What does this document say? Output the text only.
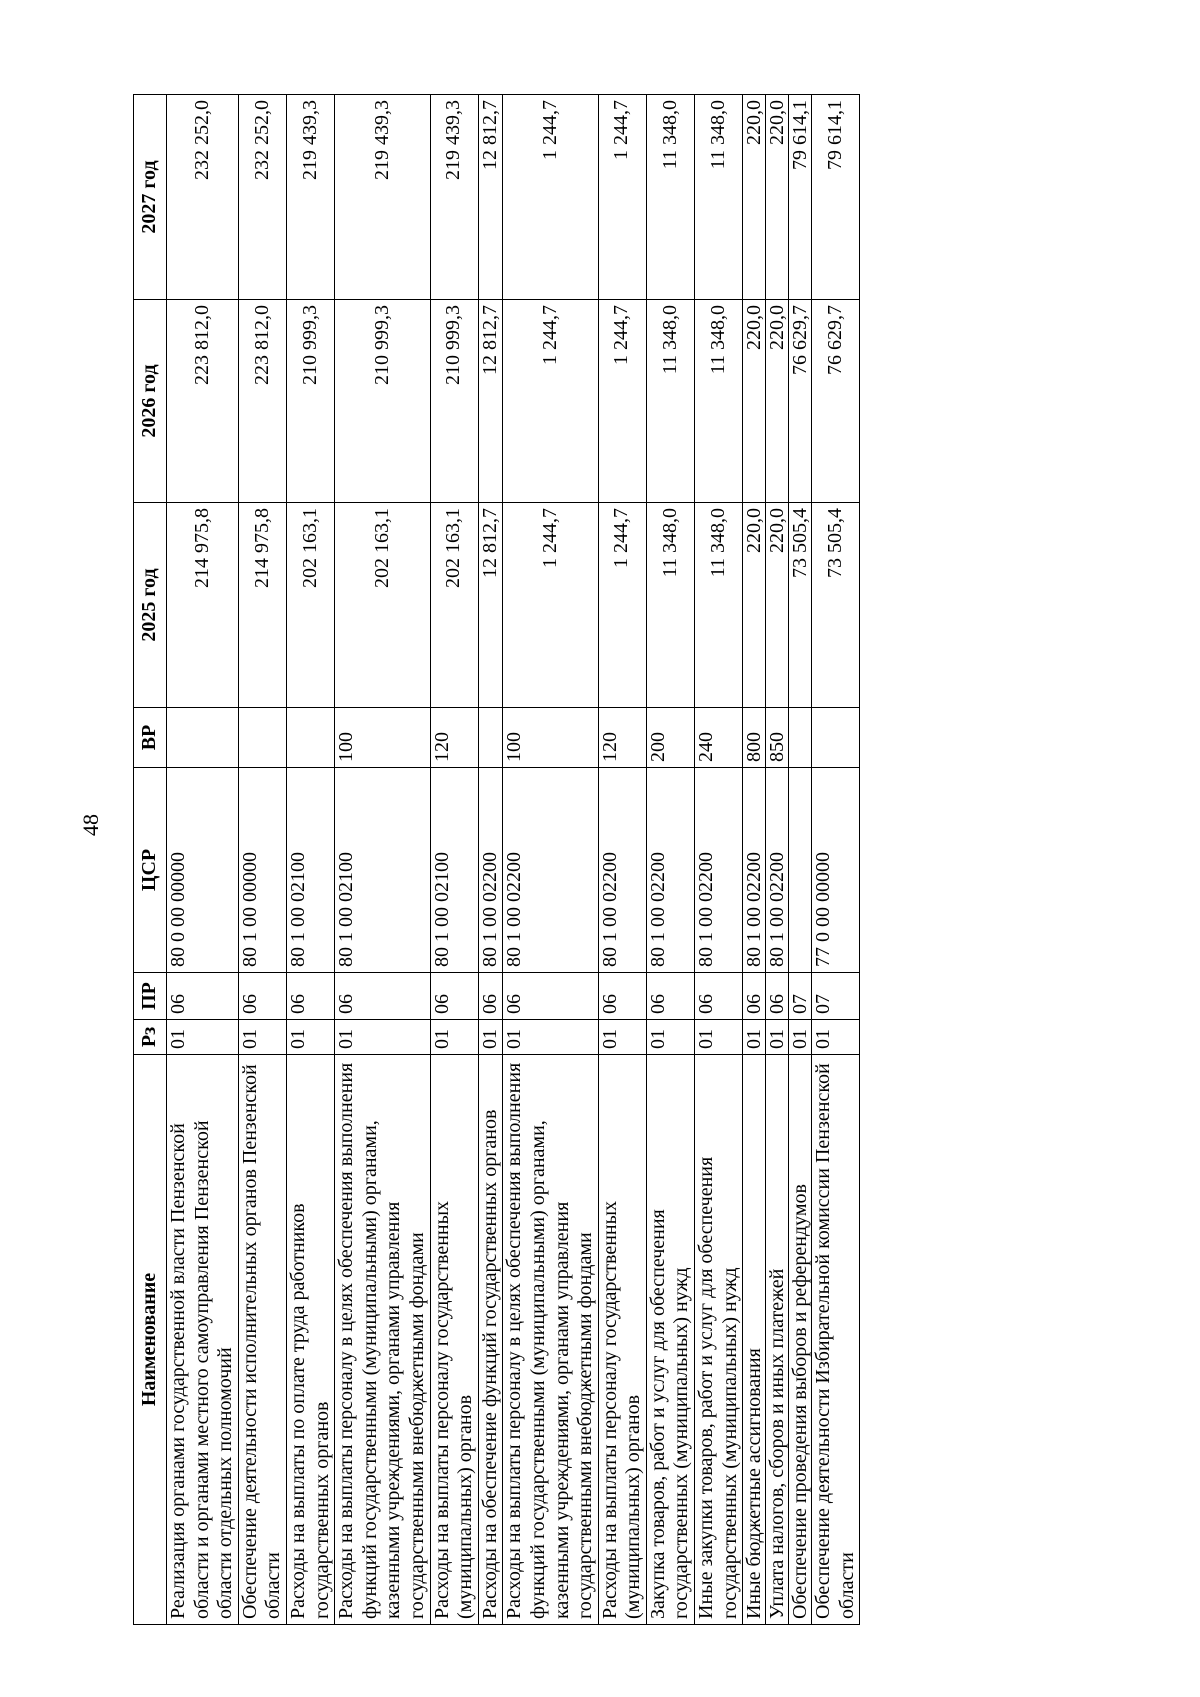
48
Наименование	Рз	ПР	ЦСР	ВР	2025 год	2026 год	2027 год
Реализация органами государственной власти Пензенской области и органами местного самоуправления Пензенской области отдельных полномочий	01	06	80 0 00 00000		214 975,8	223 812,0	232 252,0
Обеспечение деятельности исполнительных органов Пензенской области	01	06	80 1 00 00000		214 975,8	223 812,0	232 252,0
Расходы на выплаты по оплате труда работников государственных органов	01	06	80 1 00 02100		202 163,1	210 999,3	219 439,3
Расходы на выплаты персоналу в целях обеспечения выполнения функций государственными (муниципальными) органами, казенными учреждениями, органами управления государственными внебюджетными фондами	01	06	80 1 00 02100	100	202 163,1	210 999,3	219 439,3
Расходы на выплаты персоналу государственных (муниципальных) органов	01	06	80 1 00 02100	120	202 163,1	210 999,3	219 439,3
Расходы на обеспечение функций государственных органов	01	06	80 1 00 02200		12 812,7	12 812,7	12 812,7
Расходы на выплаты персоналу в целях обеспечения выполнения функций государственными (муниципальными) органами, казенными учреждениями, органами управления государственными внебюджетными фондами	01	06	80 1 00 02200	100	1 244,7	1 244,7	1 244,7
Расходы на выплаты персоналу государственных (муниципальных) органов	01	06	80 1 00 02200	120	1 244,7	1 244,7	1 244,7
Закупка товаров, работ и услуг для обеспечения государственных (муниципальных) нужд	01	06	80 1 00 02200	200	11 348,0	11 348,0	11 348,0
Иные закупки товаров, работ и услуг для обеспечения государственных (муниципальных) нужд	01	06	80 1 00 02200	240	11 348,0	11 348,0	11 348,0
Иные бюджетные ассигнования	01	06	80 1 00 02200	800	220,0	220,0	220,0
Уплата налогов, сборов и иных платежей	01	06	80 1 00 02200	850	220,0	220,0	220,0
Обеспечение проведения выборов и референдумов	01	07			73 505,4	76 629,7	79 614,1
Обеспечение деятельности Избирательной комиссии Пензенской области	01	07	77 0 00 00000		73 505,4	76 629,7	79 614,1
